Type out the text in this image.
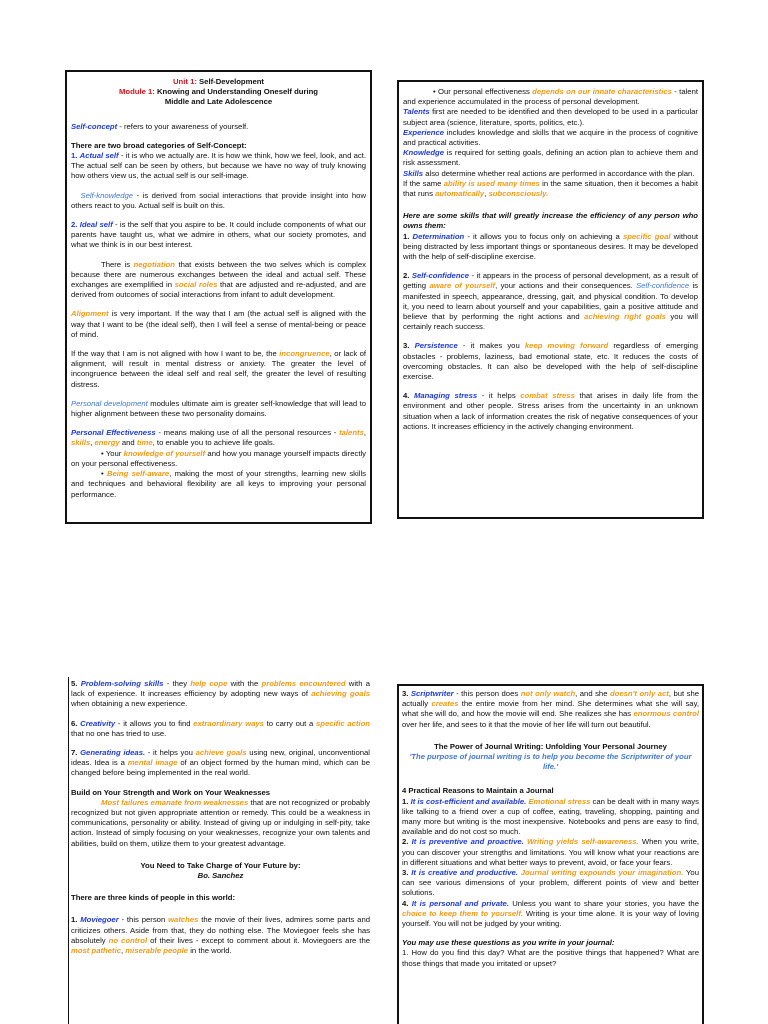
Unit 1: Self-Development

Module 1: Knowing and Understanding Oneself during

Middle and Late Adolescence

Self-concept - refers to your awareness of yourself.

There are two broad categories of Self-Concept:

1. Actual self - it is who we actually are. It is how we think, how we feel, look, and act. The actual self can be seen by others, but because we have no way of truly knowing how others view us, the actual self is our self-image.

Self-knowledge - is derived from social interactions that provide insight into how others react to you. Actual self is built on this.

2. Ideal self - is the self that you aspire to be. It could include components of what our parents have taught us, what we admire in others, what our society promotes, and what we think is in our best interest.

There is negotiation that exists between the two selves which is complex because there are numerous exchanges between the ideal and actual self. These exchanges are exemplified in social roles that are adjusted and re-adjusted, and are derived from outcomes of social interactions from infant to adult development.

Alignment is very important. If the way that I am (the actual self is aligned with the way that I want to be (the ideal self), then I will feel a sense of mental-being or peace of mind.

If the way that I am is not aligned with how I want to be, the incongruence, or lack of alignment, will result in mental distress or anxiety. The greater the level of incongruence between the ideal self and real self, the greater the level of resulting distress.

Personal development modules ultimate aim is greater self-knowledge that will lead to higher alignment between these two personality domains.

Personal Effectiveness - means making use of all the personal resources - talents, skills, energy and time, to enable you to achieve life goals.

• Your knowledge of yourself and how you manage yourself impacts directly on your personal effectiveness.

• Being self-aware, making the most of your strengths, learning new skills and techniques and behavioral flexibility are all keys to improving your personal performance.

• Our personal effectiveness depends on our innate characteristics - talent and experience accumulated in the process of personal development.

Talents first are needed to be identified and then developed to be used in a particular subject area (science, literature, sports, politics, etc.).

Experience includes knowledge and skills that we acquire in the process of cognitive and practical activities.

Knowledge is required for setting goals, defining an action plan to achieve them and risk assessment.

Skills also determine whether real actions are performed in accordance with the plan.

If the same ability is used many times in the same situation, then it becomes a habit that runs automatically, subconsciously.

Here are some skills that will greatly increase the efficiency of any person who owns them:

1. Determination - it allows you to focus only on achieving a specific goal without being distracted by less important things or spontaneous desires. It may be developed with the help of self-discipline exercise.

2. Self-confidence - it appears in the process of personal development, as a result of getting aware of yourself, your actions and their consequences. Self-confidence is manifested in speech, appearance, dressing, gait, and physical condition. To develop it, you need to learn about yourself and your capabilities, gain a positive attitude and believe that by performing the right actions and achieving right goals you will certainly reach success.

3. Persistence - it makes you keep moving forward regardless of emerging obstacles - problems, laziness, bad emotional state, etc. It reduces the costs of overcoming obstacles. It can also be developed with the help of self-discipline exercise.

4. Managing stress - it helps combat stress that arises in daily life from the environment and other people. Stress arises from the uncertainty in an unknown situation when a lack of information creates the risk of negative consequences of your actions. It increases efficiency in the actively changing environment.

5. Problem-solving skills - they help cope with the problems encountered with a lack of experience. It increases efficiency by adopting new ways of achieving goals when obtaining a new experience.

6. Creativity - it allows you to find extraordinary ways to carry out a specific action that no one has tried to use.

7. Generating ideas. - it helps you achieve goals using new, original, unconventional ideas. Idea is a mental image of an object formed by the human mind, which can be changed before being implemented in the real world.

Build on Your Strength and Work on Your Weaknesses

Most failures emanate from weaknesses that are not recognized or probably recognized but not given appropriate attention or remedy. This could be a weakness in communications, personality or ability. Instead of giving up or indulging in self-pity, take action. Instead of simply focusing on your weaknesses, recognize your own talents and abilities, build on them, utilize them to your greatest advantage.

You Need to Take Charge of Your Future by:

Bo. Sanchez

There are three kinds of people in this world:

1. Moviegoer - this person watches the movie of their lives, admires some parts and criticizes others. Aside from that, they do nothing else. The Moviegoer feels she has absolutely no control of their lives - except to comment about it. Moviegoers are the most pathetic, miserable people in the world.

3. Scriptwriter - this person does not only watch, and she doesn't only act, but she actually creates the entire movie from her mind. She determines what she will say, what she will do, and how the movie will end. She realizes she has enormous control over her life, and sees to it that the movie of her life will turn out beautiful.

The Power of Journal Writing: Unfolding Your Personal Journey

'The purpose of journal writing is to help you become the Scriptwriter of your life.'

4 Practical Reasons to Maintain a Journal

1. It is cost-efficient and available. Emotional stress can be dealt with in many ways like talking to a friend over a cup of coffee, eating, traveling, shopping, painting and many more but writing is the most inexpensive. Notebooks and pens are easy to find, available and do not cost so much.

2. It is preventive and proactive. Writing yields self-awareness. When you write, you can discover your strengths and limitations. You will know what your reactions are in different situations and what better ways to prevent, avoid, or face your fears.

3. It is creative and productive. Journal writing expounds your imagination. You can see various dimensions of your problem, different points of view and better solutions.

4. It is personal and private. Unless you want to share your stories, you have the choice to keep them to yourself. Writing is your time alone. It is your way of loving yourself. You will not be judged by your writing.

You may use these questions as you write in your journal:

1. How do you find this day? What are the positive things that happened? What are those things that made you irritated or upset?
